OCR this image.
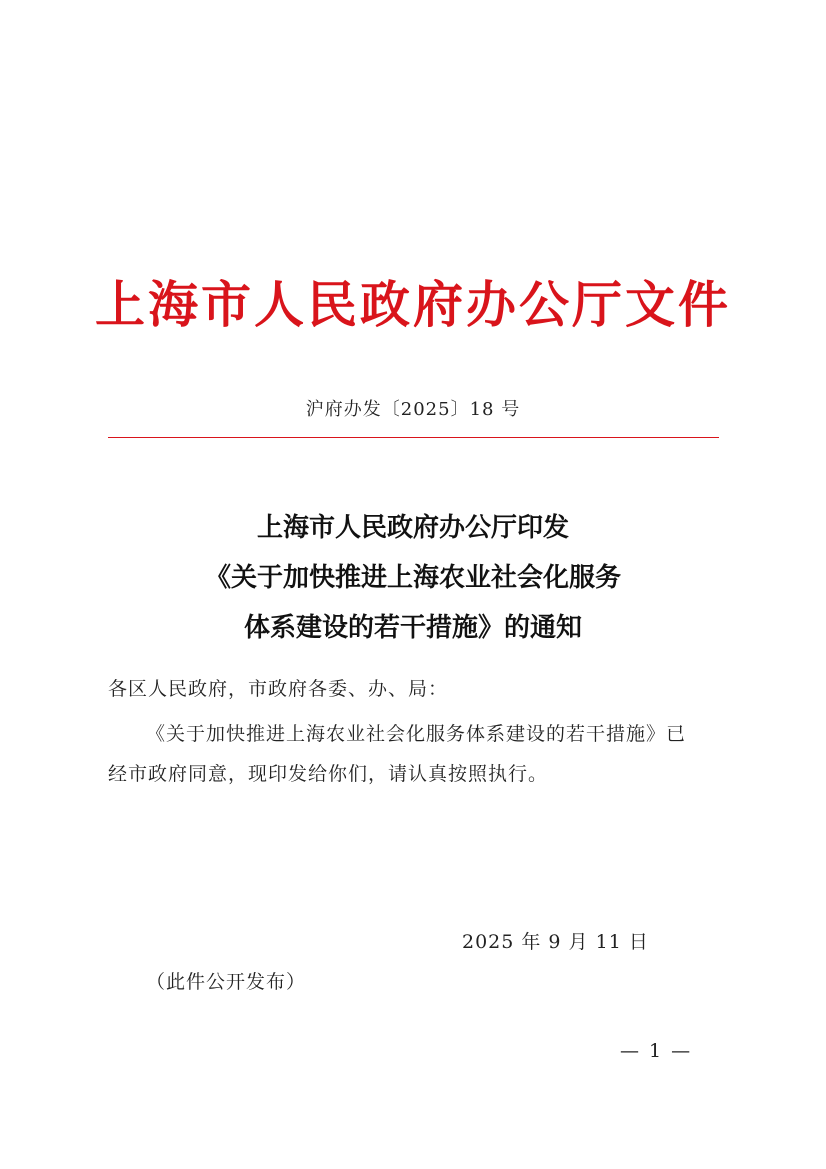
上海市人民政府办公厅文件
沪府办发〔2025〕18 号
上海市人民政府办公厅印发
《关于加快推进上海农业社会化服务
体系建设的若干措施》的通知
各区人民政府，市政府各委、办、局：
《关于加快推进上海农业社会化服务体系建设的若干措施》已
经市政府同意，现印发给你们，请认真按照执行。
2025 年 9 月 11 日
（此件公开发布）
— 1 —
